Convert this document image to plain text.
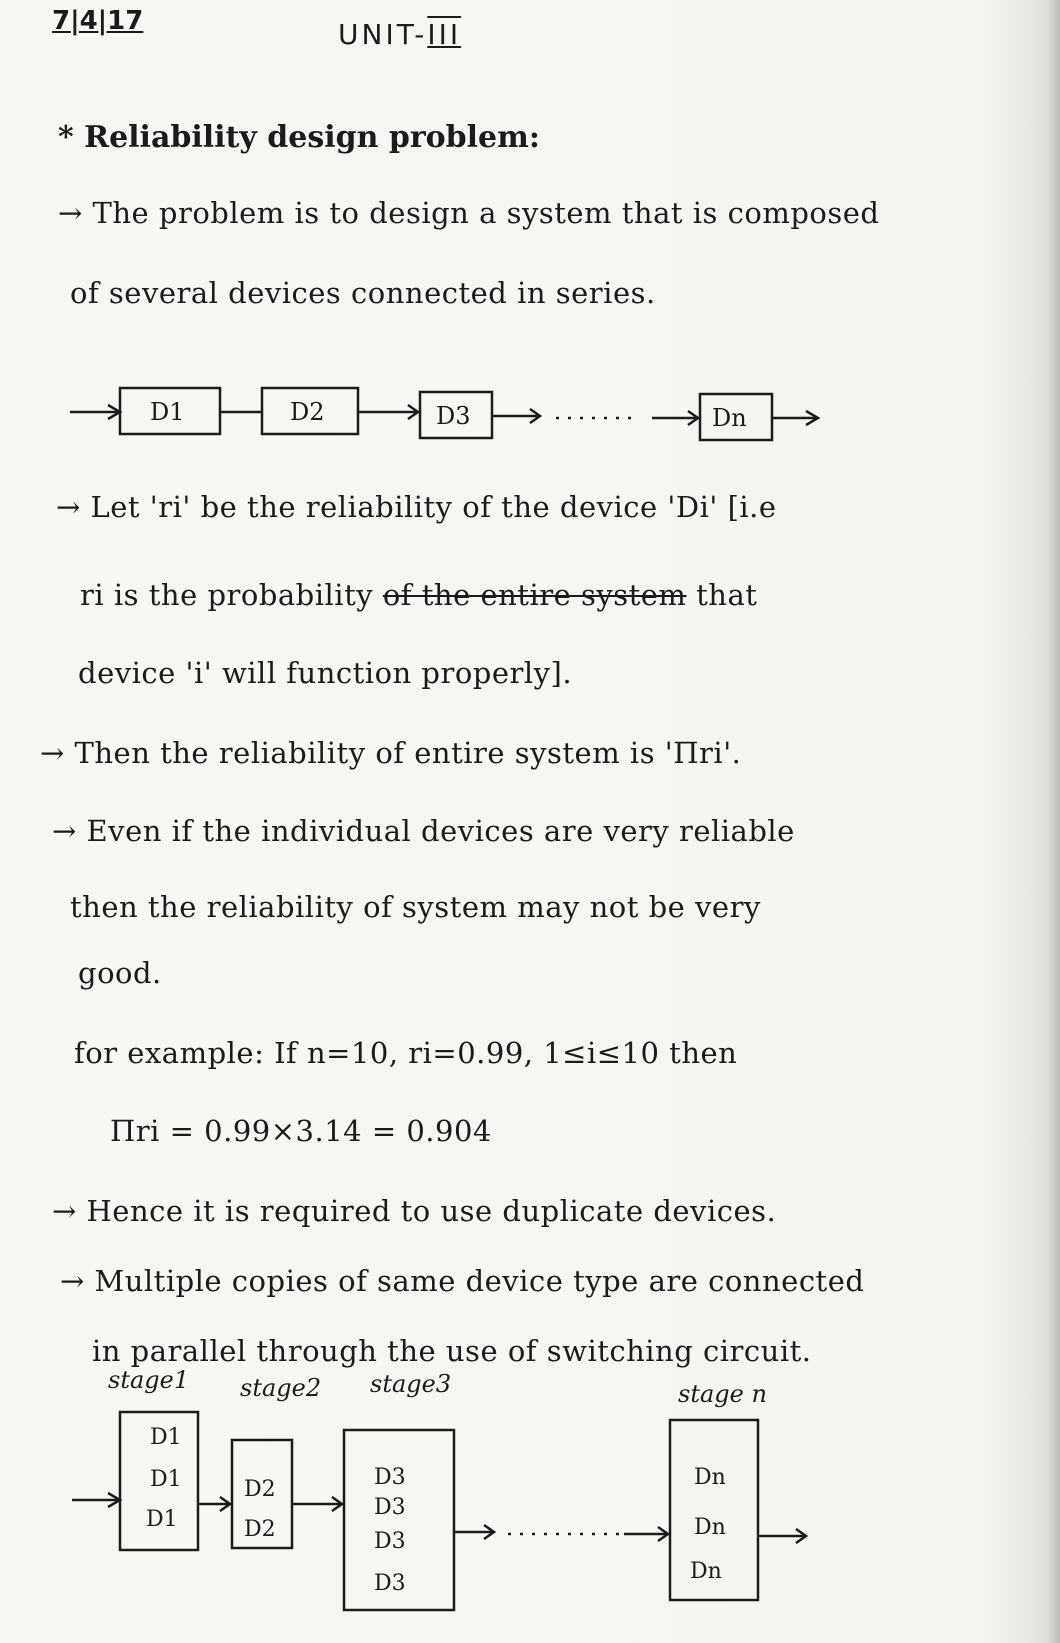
7|4|17	UNIT-III
* Reliability design problem:
→ The problem is to design a system that is composed
of several devices connected in series.
D1	D2	D3	Dn
stage1 stage2 stage3	stage n
D1
D1
D1
D2
D2
D3
D3
D3
D3
Dn
Dn
Dn
→ Let 'ri' be the reliability of the device 'Di' [i.e
ri is the probability of the entire system that
device 'i' will function properly].
→ Then the reliability of entire system is 'Πri'.
→ Even if the individual devices are very reliable
then the reliability of system may not be very
good.
for example: If n=10, ri=0.99, 1≤i≤10 then
Πri = 0.99×3.14 = 0.904
→ Hence it is required to use duplicate devices.
→ Multiple copies of same device type are connected
in parallel through the use of switching circuit.
